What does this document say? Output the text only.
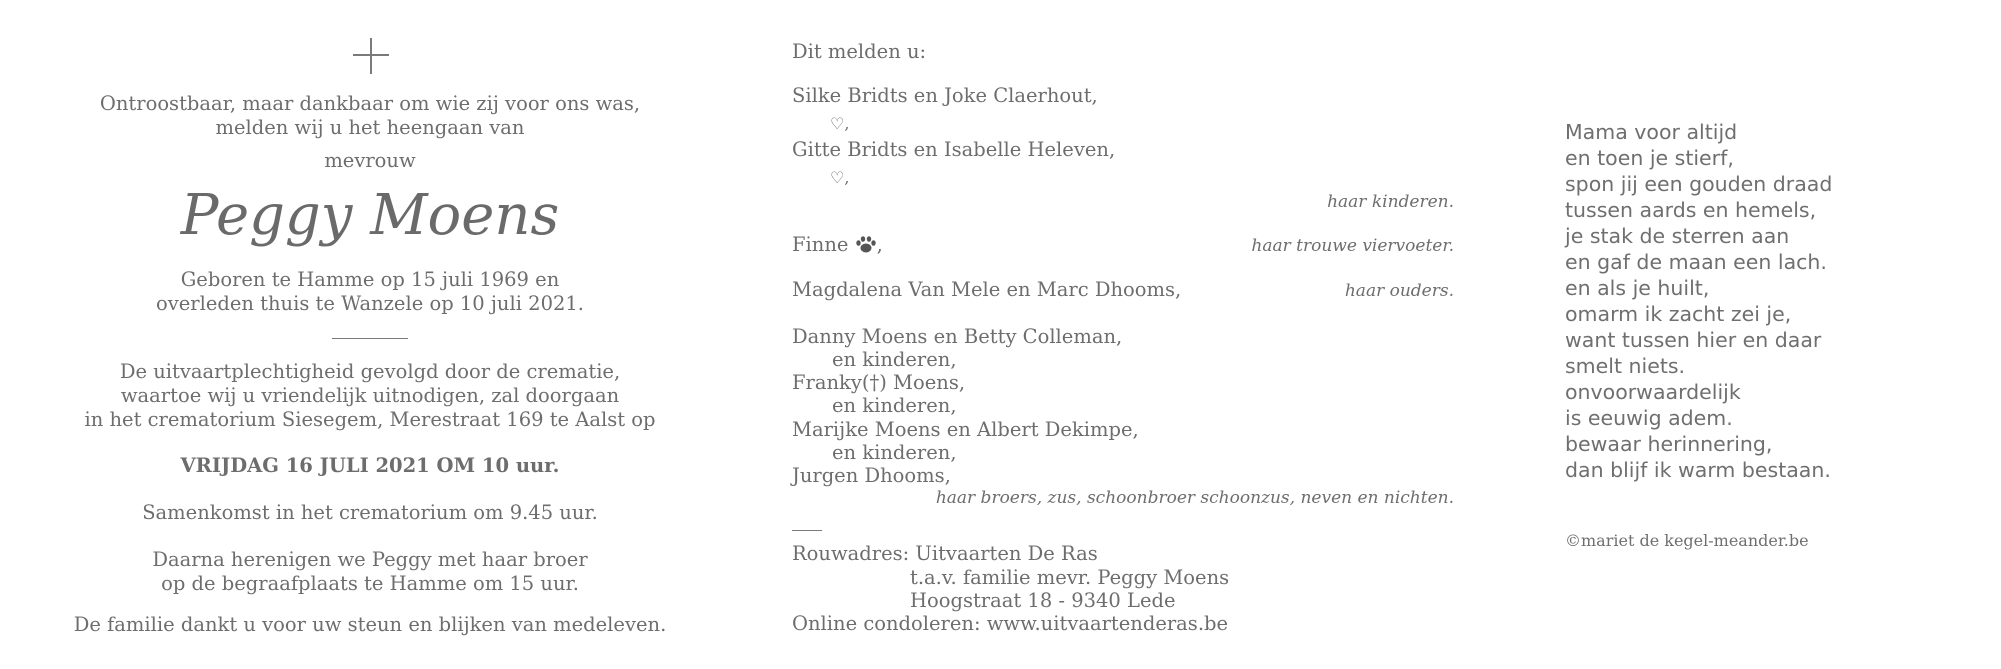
Ontroostbaar, maar dankbaar om wie zij voor ons was,
melden wij u het heengaan van
mevrouw
Peggy Moens
Geboren te Hamme op 15 juli 1969 en
overleden thuis te Wanzele op 10 juli 2021.
De uitvaartplechtigheid gevolgd door de crematie,
waartoe wij u vriendelijk uitnodigen, zal doorgaan
in het crematorium Siesegem, Merestraat 169 te Aalst op
VRIJDAG 16 JULI 2021 OM 10 uur.
Samenkomst in het crematorium om 9.45 uur.
Daarna herenigen we Peggy met haar broer
op de begraafplaats te Hamme om 15 uur.
De familie dankt u voor uw steun en blijken van medeleven.
Dit melden u:
Silke Bridts en Joke Claerhout,
♡,
Gitte Bridts en Isabelle Heleven,
♡,
haar kinderen.
Finne ,	haar trouwe viervoeter.
Magdalena Van Mele en Marc Dhooms,	haar ouders.
Danny Moens en Betty Colleman,
en kinderen,
Franky(†) Moens,
en kinderen,
Marijke Moens en Albert Dekimpe,
en kinderen,
Jurgen Dhooms,
haar broers, zus, schoonbroer schoonzus, neven en nichten.
Rouwadres: Uitvaarten De Ras
t.a.v. familie mevr. Peggy Moens
Hoogstraat 18 - 9340 Lede
Online condoleren: www.uitvaartenderas.be
Mama voor altijd
en toen je stierf,
spon jij een gouden draad
tussen aards en hemels,
je stak de sterren aan
en gaf de maan een lach.
en als je huilt,
omarm ik zacht zei je,
want tussen hier en daar
smelt niets.
onvoorwaardelijk
is eeuwig adem.
bewaar herinnering,
dan blijf ik warm bestaan.
©mariet de kegel-meander.be
